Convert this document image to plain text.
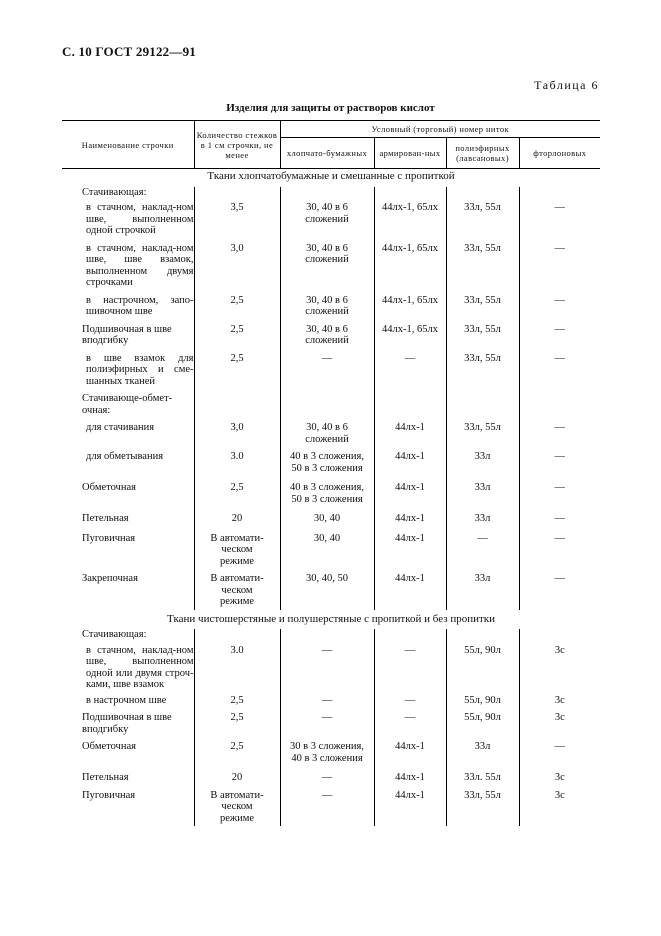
С. 10 ГОСТ 29122—91
Таблица 6
Изделия для защиты от растворов кислот
Наименование строчки	Количество стежков в 1 см строчки, не менее	Условный (торговый) номер ниток			
		хлопчато-бумажных	армирован-ных	полиэфирных (лавсановых)	фторлоновых
Ткани хлопчатобумажные и смешанные с пропиткой					
Стачивающая:					
в стачном, наклад-ном шве, выполненном одной строчкой	3,5	30, 40 в 6 сложений	44лх-1, 65лх	33л, 55л	—
в стачном, наклад-ном шве, шве взамок, выполненном двумя строчками	3,0	30, 40 в 6 сложений	44лх-1, 65лх	33л, 55л	—
в настрочном, запо-шивочном шве	2,5	30, 40 в 6 сложений	44лх-1, 65лх	33л, 55л	—
Подшивочная в шве вподгибку	2,5	30, 40 в 6 сложений	44лх-1, 65лх	33л, 55л	—
в шве взамок для полиэфирных и сме-шанных тканей	2,5	—	—	33л, 55л	—
Стачивающе-обмет-очная:					
для стачивания	3,0	30, 40 в 6 сложений	44лх-1	33л, 55л	—
для обметывания	3.0	40 в 3 сложения, 50 в 3 сложения	44лх-1	33л	—
Обметочная	2,5	40 в 3 сложения, 50 в 3 сложения	44лх-1	33л	—
Петельная	20	30, 40	44лх-1	33л	—
Пуговичная	В автомати-ческом режиме	30, 40	44лх-1	—	—
Закрепочная	В автомати-ческом режиме	30, 40, 50	44лх-1	33л	—
Ткани чистошерстяные и полушерстяные с пропиткой и без пропитки					
Стачивающая:					
в стачном, наклад-ном шве, выполненном одной или двумя строч-ками, шве взамок	3.0	—	—	55л, 90л	3с
в настрочном шве	2,5	—	—	55л, 90л	3с
Подшивочная в шве вподгибку	2,5	—	—	55л, 90л	3с
Обметочная	2,5	30 в 3 сложения, 40 в 3 сложения	44лх-1	33л	—
Петельная	20	—	44лх-1	33л. 55л	3с
Пуговичная	В автомати-ческом режиме	—	44лх-1	33л, 55л	3с
